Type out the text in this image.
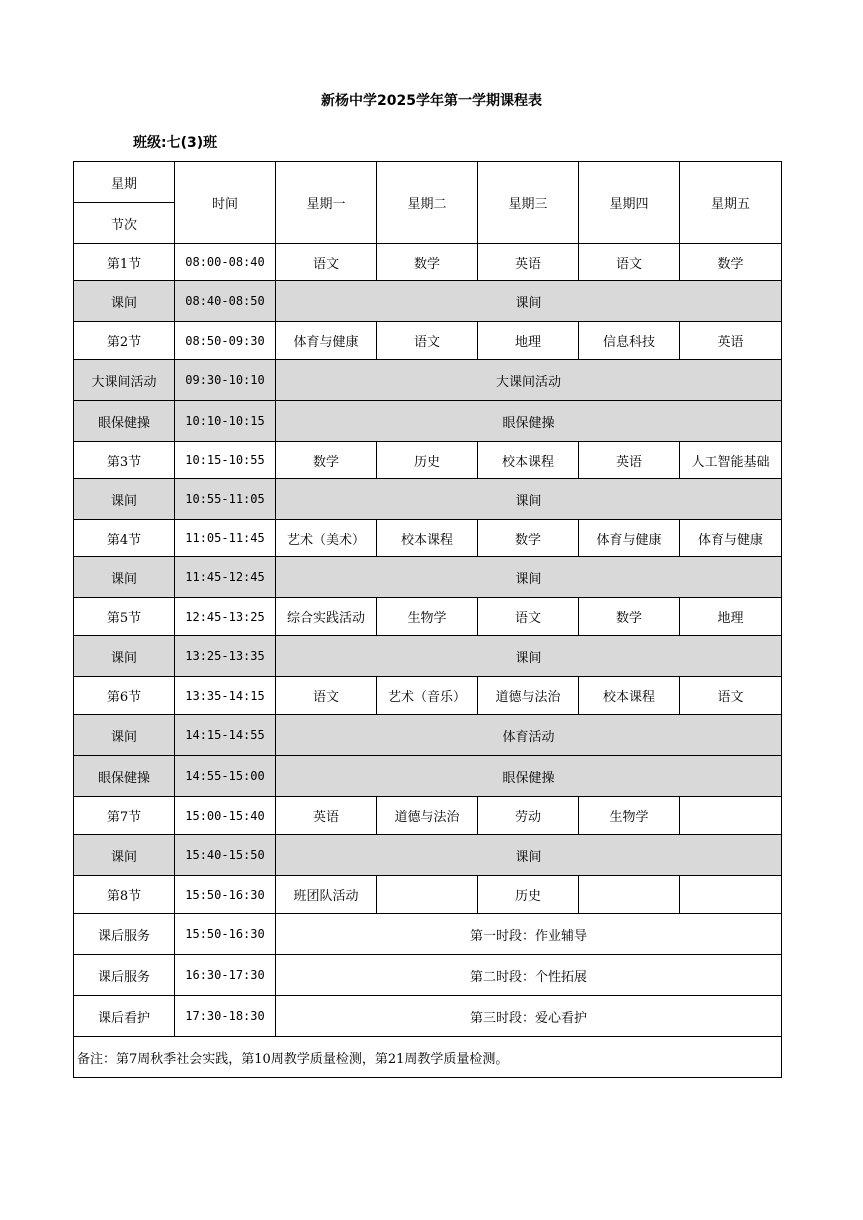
新杨中学2025学年第一学期课程表
班级:七(3)班
星期	时间	星期一	星期二	星期三	星期四	星期五
节次						
第1节	08:00-08:40	语文	数学	英语	语文	数学
课间	08:40-08:50	课间				
第2节	08:50-09:30	体育与健康	语文	地理	信息科技	英语
大课间活动	09:30-10:10	大课间活动				
眼保健操	10:10-10:15	眼保健操				
第3节	10:15-10:55	数学	历史	校本课程	英语	人工智能基础
课间	10:55-11:05	课间				
第4节	11:05-11:45	艺术（美术）	校本课程	数学	体育与健康	体育与健康
课间	11:45-12:45	课间				
第5节	12:45-13:25	综合实践活动	生物学	语文	数学	地理
课间	13:25-13:35	课间				
第6节	13:35-14:15	语文	艺术（音乐）	道德与法治	校本课程	语文
课间	14:15-14:55	体育活动				
眼保健操	14:55-15:00	眼保健操				
第7节	15:00-15:40	英语	道德与法治	劳动	生物学	
课间	15:40-15:50	课间				
第8节	15:50-16:30	班团队活动		历史		
课后服务	15:50-16:30	第一时段：作业辅导				
课后服务	16:30-17:30	第二时段：个性拓展				
课后看护	17:30-18:30	第三时段：爱心看护				
备注：第7周秋季社会实践，第10周教学质量检测，第21周教学质量检测。						
